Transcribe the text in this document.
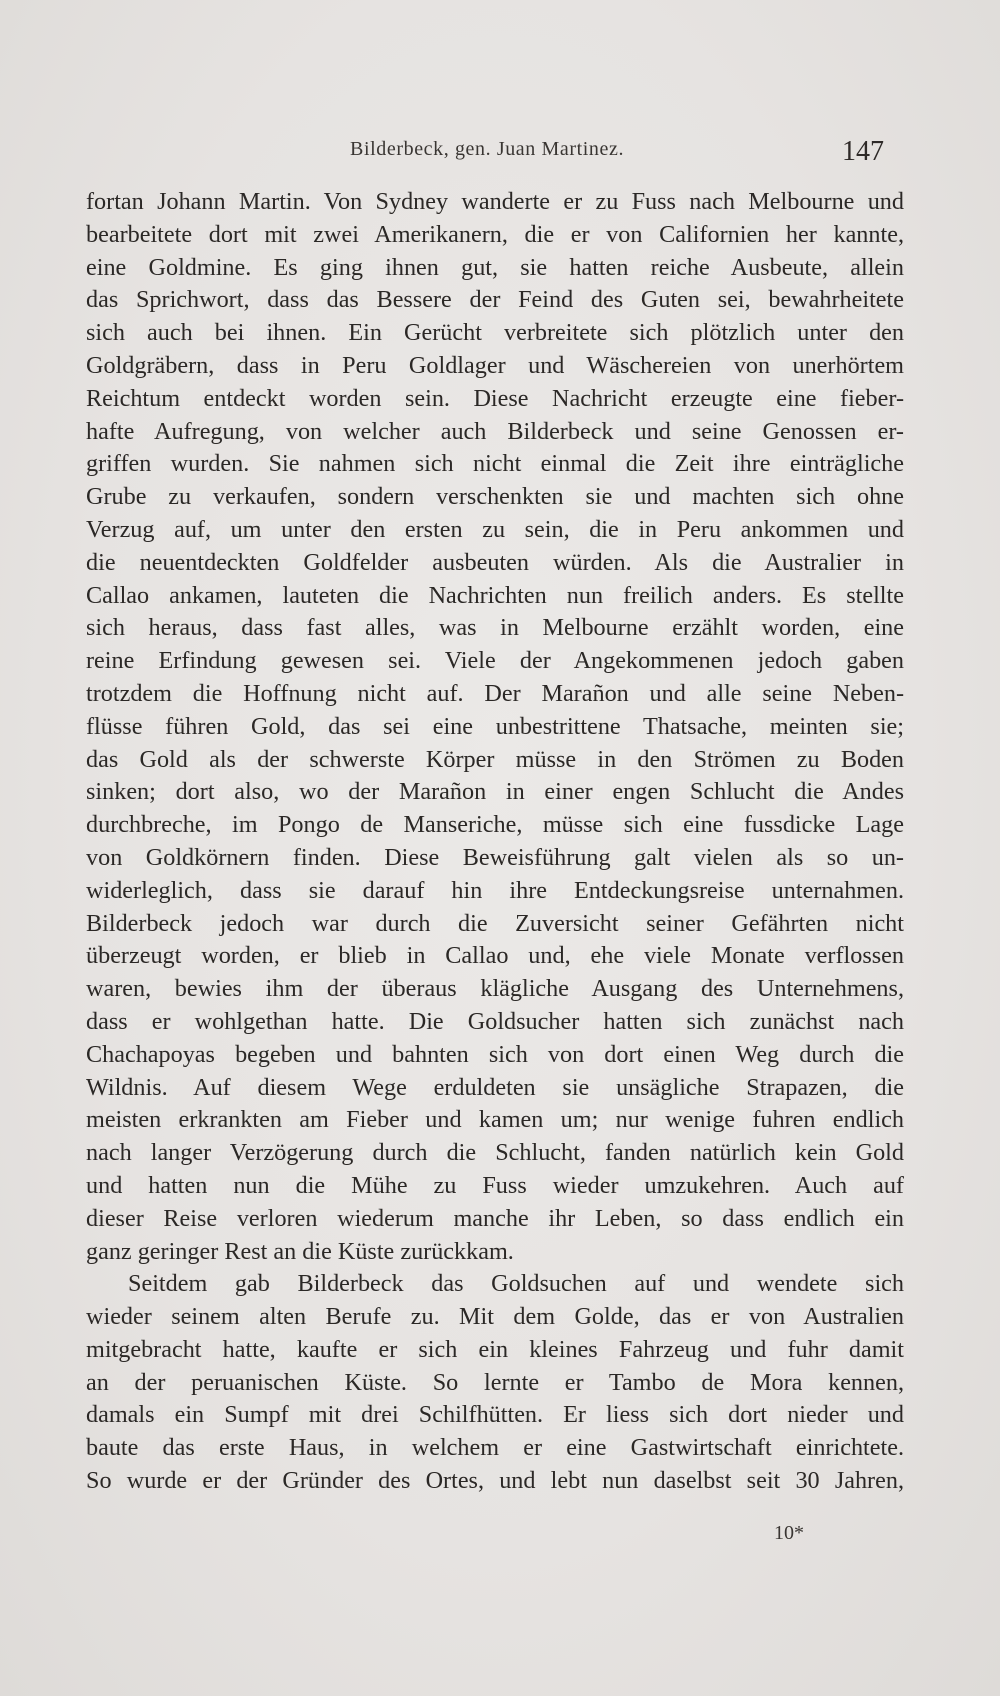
Bilderbeck, gen. Juan Martinez.	147
fortan Johann Martin. Von Sydney wanderte er zu Fuss nach Melbourne und
bearbeitete dort mit zwei Amerikanern, die er von Californien her kannte,
eine Goldmine. Es ging ihnen gut, sie hatten reiche Ausbeute, allein
das Sprichwort, dass das Bessere der Feind des Guten sei, bewahrheitete
sich auch bei ihnen. Ein Gerücht verbreitete sich plötzlich unter den
Goldgräbern, dass in Peru Goldlager und Wäschereien von unerhörtem
Reichtum entdeckt worden sein. Diese Nachricht erzeugte eine fieber-
hafte Aufregung, von welcher auch Bilderbeck und seine Genossen er-
griffen wurden. Sie nahmen sich nicht einmal die Zeit ihre einträgliche
Grube zu verkaufen, sondern verschenkten sie und machten sich ohne
Verzug auf, um unter den ersten zu sein, die in Peru ankommen und
die neuentdeckten Goldfelder ausbeuten würden. Als die Australier in
Callao ankamen, lauteten die Nachrichten nun freilich anders. Es stellte
sich heraus, dass fast alles, was in Melbourne erzählt worden, eine
reine Erfindung gewesen sei. Viele der Angekommenen jedoch gaben
trotzdem die Hoffnung nicht auf. Der Marañon und alle seine Neben-
flüsse führen Gold, das sei eine unbestrittene Thatsache, meinten sie;
das Gold als der schwerste Körper müsse in den Strömen zu Boden
sinken; dort also, wo der Marañon in einer engen Schlucht die Andes
durchbreche, im Pongo de Manseriche, müsse sich eine fussdicke Lage
von Goldkörnern finden. Diese Beweisführung galt vielen als so un-
widerleglich, dass sie darauf hin ihre Entdeckungsreise unternahmen.
Bilderbeck jedoch war durch die Zuversicht seiner Gefährten nicht
überzeugt worden, er blieb in Callao und, ehe viele Monate verflossen
waren, bewies ihm der überaus klägliche Ausgang des Unternehmens,
dass er wohlgethan hatte. Die Goldsucher hatten sich zunächst nach
Chachapoyas begeben und bahnten sich von dort einen Weg durch die
Wildnis. Auf diesem Wege erduldeten sie unsägliche Strapazen, die
meisten erkrankten am Fieber und kamen um; nur wenige fuhren endlich
nach langer Verzögerung durch die Schlucht, fanden natürlich kein Gold
und hatten nun die Mühe zu Fuss wieder umzukehren. Auch auf
dieser Reise verloren wiederum manche ihr Leben, so dass endlich ein
ganz geringer Rest an die Küste zurückkam.
Seitdem gab Bilderbeck das Goldsuchen auf und wendete sich
wieder seinem alten Berufe zu. Mit dem Golde, das er von Australien
mitgebracht hatte, kaufte er sich ein kleines Fahrzeug und fuhr damit
an der peruanischen Küste. So lernte er Tambo de Mora kennen,
damals ein Sumpf mit drei Schilfhütten. Er liess sich dort nieder und
baute das erste Haus, in welchem er eine Gastwirtschaft einrichtete.
So wurde er der Gründer des Ortes, und lebt nun daselbst seit 30 Jahren,
10*
